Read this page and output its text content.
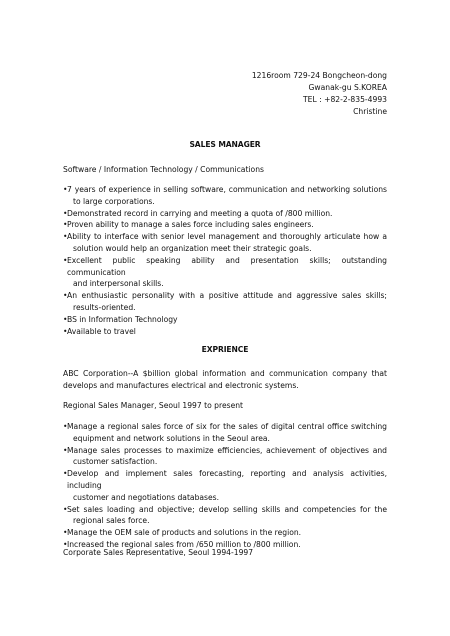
1216room 729-24 Bongcheon-dong
Gwanak-gu S.KOREA
TEL : +82-2-835-4993
Christine
SALES MANAGER
Software / Information Technology / Communications
• 7 years of experience in selling software, communication and networking solutions
to large corporations.
• Demonstrated record in carrying and meeting a quota of /800 million.
• Proven ability to manage a sales force including sales engineers.
• Ability to interface with senior level management and thoroughly articulate how a
solution would help an organization meet their strategic goals.
• Excellent public speaking ability and presentation skills; outstanding communication
and interpersonal skills.
• An enthusiastic personality with a positive attitude and aggressive sales skills;
results-oriented.
• BS in Information Technology
• Available to travel
EXPRIENCE
ABC Corporation--A $billion global information and communication company that
develops and manufactures electrical and electronic systems.
Regional Sales Manager, Seoul 1997 to present
• Manage a regional sales force of six for the sales of digital central office switching
equipment and network solutions in the Seoul area.
• Manage sales processes to maximize efficiencies, achievement of objectives and
customer satisfaction.
• Develop and implement sales forecasting, reporting and analysis activities, including
customer and negotiations databases.
• Set sales loading and objective; develop selling skills and competencies for the
regional sales force.
• Manage the OEM sale of products and solutions in the region.
• Increased the regional sales from /650 million to /800 million.
Corporate Sales Representative, Seoul 1994-1997
